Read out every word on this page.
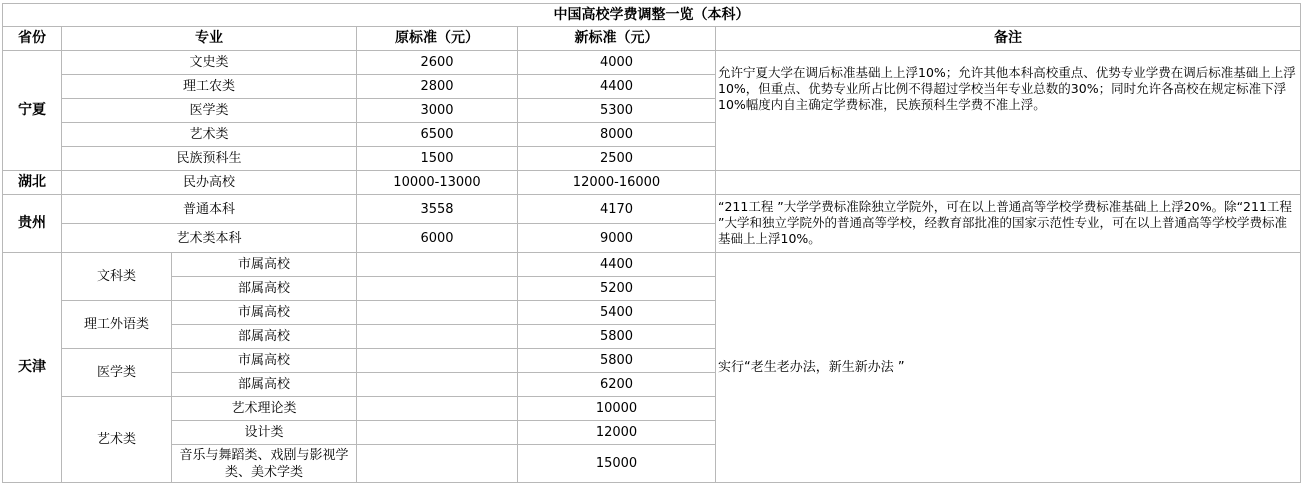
中国高校学费调整一览（本科）					
省份	专业		原标准（元）	新标准（元）	备注
宁夏	文史类		2600	4000	允许宁夏大学在调后标准基础上上浮10%；允许其他本科高校重点、优势专业学费在调后标准基础上上浮10%，但重点、优势专业所占比例不得超过学校当年专业总数的30%；同时允许各高校在规定标准下浮10%幅度内自主确定学费标准，民族预科生学费不准上浮。
	理工农类		2800	4400	
	医学类		3000	5300	
	艺术类		6500	8000	
	民族预科生		1500	2500	
湖北	民办高校		10000-13000	12000-16000	
贵州	普通本科		3558	4170	“211工程 ”大学学费标准除独立学院外，可在以上普通高等学校学费标准基础上上浮20%。除“211工程 ”大学和独立学院外的普通高等学校，经教育部批准的国家示范性专业，可在以上普通高等学校学费标准基础上上浮10%。
	艺术类本科		6000	9000	
天津	文科类	市属高校		4400	实行“老生老办法，新生新办法 ”
		部属高校		5200	
	理工外语类	市属高校		5400	
		部属高校		5800	
	医学类	市属高校		5800	
		部属高校		6200	
	艺术类	艺术理论类		10000	
		设计类		12000	
		音乐与舞蹈类、戏剧与影视学类、美术学类		15000	
